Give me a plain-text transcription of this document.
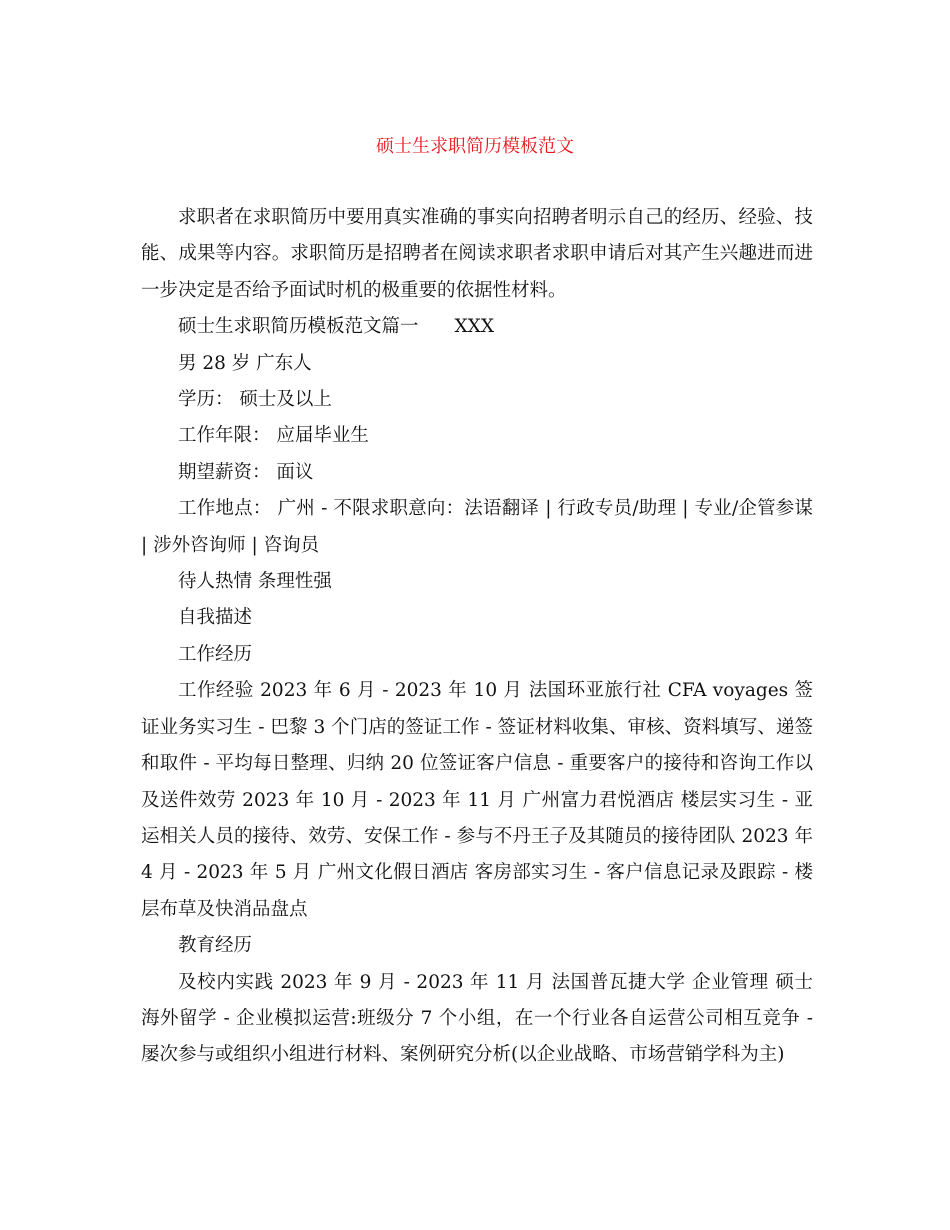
硕士生求职简历模板范文

求职者在求职简历中要用真实准确的事实向招聘者明示自己的经历、经验、技能、成果等内容。求职简历是招聘者在阅读求职者求职申请后对其产生兴趣进而进一步决定是否给予面试时机的极重要的依据性材料。

硕士生求职简历模板范文篇一 XXX

男 28 岁 广东人

学历： 硕士及以上

工作年限： 应届毕业生

期望薪资： 面议

工作地点： 广州 - 不限求职意向：法语翻译 | 行政专员/助理 | 专业/企管参谋 | 涉外咨询师 | 咨询员

待人热情 条理性强

自我描述

工作经历

工作经验 2023 年 6 月 - 2023 年 10 月 法国环亚旅行社 CFA voyages 签证业务实习生 - 巴黎 3 个门店的签证工作 - 签证材料收集、审核、资料填写、递签和取件 - 平均每日整理、归纳 20 位签证客户信息 - 重要客户的接待和咨询工作以及送件效劳 2023 年 10 月 - 2023 年 11 月 广州富力君悦酒店 楼层实习生 - 亚运相关人员的接待、效劳、安保工作 - 参与不丹王子及其随员的接待团队 2023 年 4 月 - 2023 年 5 月 广州文化假日酒店 客房部实习生 - 客户信息记录及跟踪 - 楼层布草及快消品盘点

教育经历

及校内实践 2023 年 9 月 - 2023 年 11 月 法国普瓦捷大学 企业管理 硕士 海外留学 - 企业模拟运营:班级分 7 个小组，在一个行业各自运营公司相互竞争 - 屡次参与或组织小组进行材料、案例研究分析(以企业战略、市场营销学科为主)
